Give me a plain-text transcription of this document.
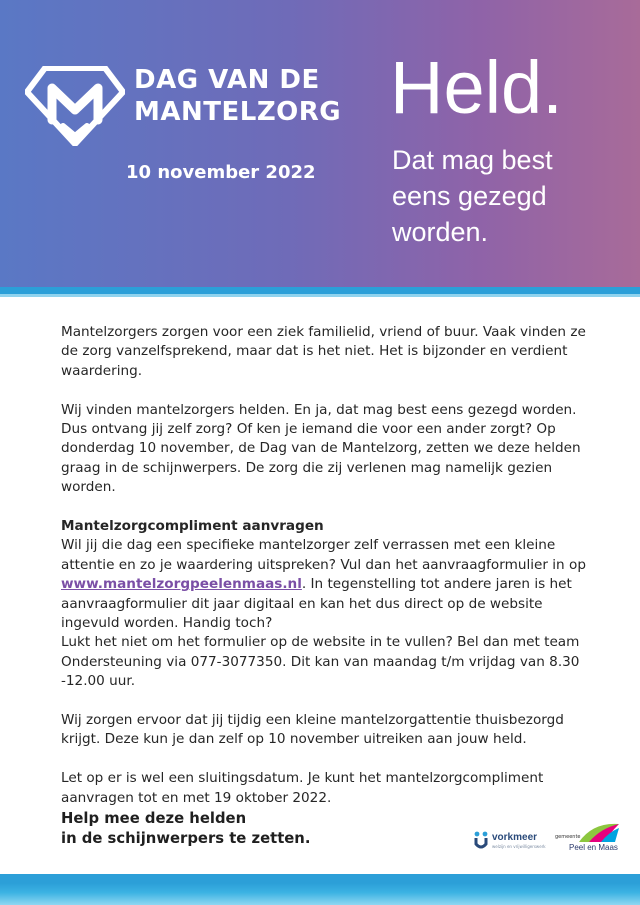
DAG VAN DE
MANTELZORG
10 november 2022
Held.
Dat mag best
eens gezegd
worden.

Mantelzorgers zorgen voor een ziek familielid, vriend of buur. Vaak vinden ze de zorg vanzelfsprekend, maar dat is het niet. Het is bijzonder en verdient waardering.

Wij vinden mantelzorgers helden. En ja, dat mag best eens gezegd worden. Dus ontvang jij zelf zorg? Of ken je iemand die voor een ander zorgt? Op donderdag 10 november, de Dag van de Mantelzorg, zetten we deze helden graag in de schijnwerpers. De zorg die zij verlenen mag namelijk gezien worden.

Mantelzorgcompliment aanvragen

Wil jij die dag een specifieke mantelzorger zelf verrassen met een kleine attentie en zo je waardering uitspreken? Vul dan het aanvraagformulier in op www.mantelzorgpeelenmaas.nl. In tegenstelling tot andere jaren is het aanvraagformulier dit jaar digitaal en kan het dus direct op de website ingevuld worden. Handig toch?

Lukt het niet om het formulier op de website in te vullen? Bel dan met team Ondersteuning via 077-3077350. Dit kan van maandag t/m vrijdag van 8.30 -12.00 uur.

Wij zorgen ervoor dat jij tijdig een kleine mantelzorgattentie thuisbezorgd krijgt. Deze kun je dan zelf op 10 november uitreiken aan jouw held.

Let op er is wel een sluitingsdatum. Je kunt het mantelzorgcompliment aanvragen tot en met 19 oktober 2022.

Help mee deze helden
in de schijnwerpers te zetten.	vorkmeer
welzijn en vrijwilligerswerk
gemeente
Peel en Maas
